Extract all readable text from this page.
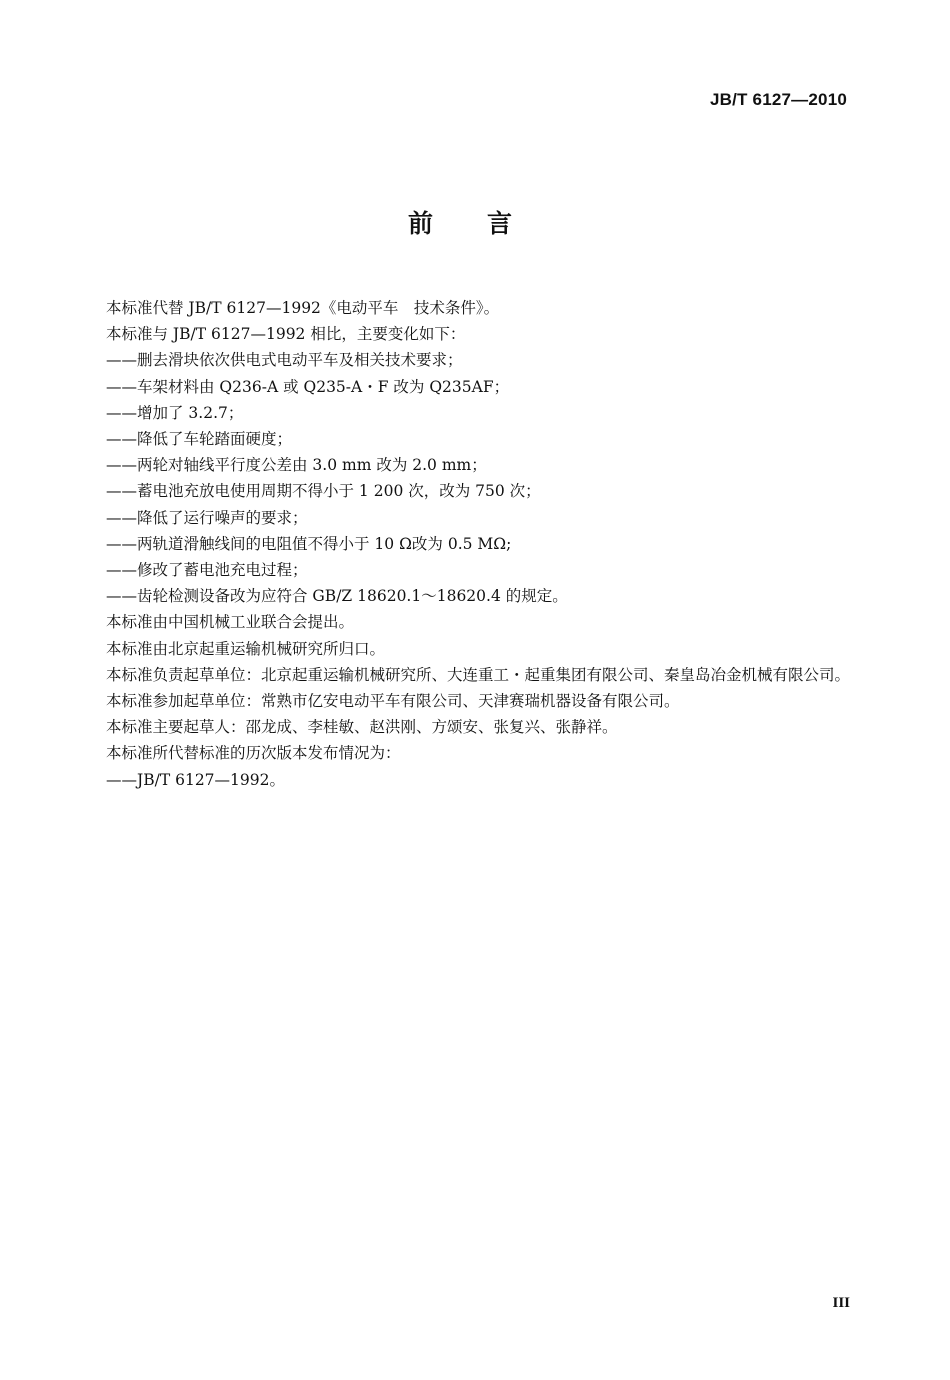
JB/T 6127—2010
前 言

本标准代替 JB/T 6127—1992《电动平车　技术条件》。

本标准与 JB/T 6127—1992 相比，主要变化如下：

——删去滑块依次供电式电动平车及相关技术要求；

——车架材料由 Q236-A 或 Q235-A・F 改为 Q235AF；

——增加了 3.2.7；

——降低了车轮踏面硬度；

——两轮对轴线平行度公差由 3.0 mm 改为 2.0 mm；

——蓄电池充放电使用周期不得小于 1 200 次，改为 750 次；

——降低了运行噪声的要求；

——两轨道滑触线间的电阻值不得小于 10 Ω改为 0.5 MΩ;

——修改了蓄电池充电过程；

——齿轮检测设备改为应符合 GB/Z 18620.1～18620.4 的规定。

本标准由中国机械工业联合会提出。

本标准由北京起重运输机械研究所归口。

本标准负责起草单位：北京起重运输机械研究所、大连重工・起重集团有限公司、秦皇岛冶金机械有限公司。

本标准参加起草单位：常熟市亿安电动平车有限公司、天津赛瑞机器设备有限公司。

本标准主要起草人：邵龙成、李桂敏、赵洪刚、方颂安、张复兴、张静祥。

本标准所代替标准的历次版本发布情况为：

——JB/T 6127—1992。

III
